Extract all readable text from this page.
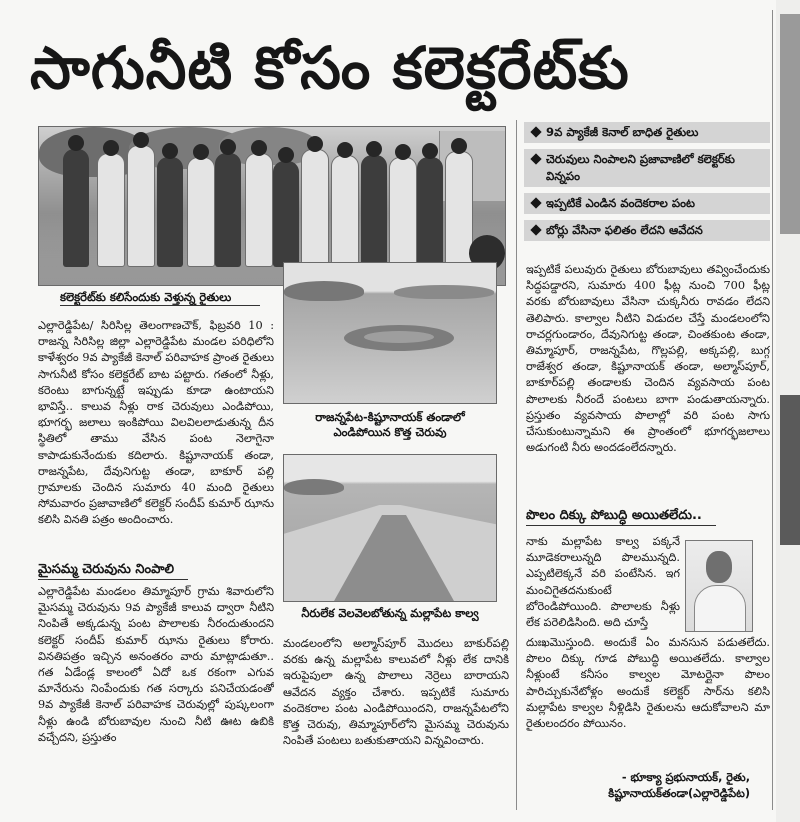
సాగునీటి కోసం కలెక్టరేట్‌కు
కలెక్టరేట్‌కు కలిసేందుకు వెళ్తున్న రైతులు
రాజన్నపేట-కిష్టూనాయక్ తండాలో
ఎండిపోయిన కొత్త చెరువు
నీరులేక వెలవెలబోతున్న మల్లాపేట కాల్వ
9వ ప్యాకేజీ కెనాల్ బాధిత రైతులు
చెరువులు నింపాలని ప్రజావాణిలో కలెక్టర్‌కు విన్నపం
ఇప్పటికే ఎండిన వందెకరాల పంట
బోర్లు వేసినా ఫలితం లేదని ఆవేదన
ఎల్లారెడ్డిపేట/ సిరిసిల్ల తెలంగాణచౌక్, ఫిబ్రవరి 10 : రాజన్న సిరిసిల్ల జిల్లా ఎల్లారెడ్డిపేట మండల పరిధిలోని కాళేశ్వరం 9వ ప్యాకేజీ కెనాల్ పరివాహక ప్రాంత రైతులు సాగునీటి కోసం కలెక్టరేట్ బాట పట్టారు. గతంలో నీళ్లు, కరెంటు బాగున్నట్టే ఇప్పుడు కూడా ఉంటాయని భావిస్తే.. కాలువ నీళ్లు రాక చెరువులు ఎండిపోయి, భూగర్భ జలాలు ఇంకిపోయి విలవిలలాడుతున్న దీన స్థితిలో తాము వేసిన పంట నెలాగైనా కాపాడుకునేందుకు కదిలారు. కిష్టూనాయక్ తండా, రాజన్నపేట, దేవునిగుట్ట తండా, బాకూర్ పల్లి గ్రామాలకు చెందిన సుమారు 40 మంది రైతులు సోమవారం ప్రజావాణిలో కలెక్టర్ సందీప్ కుమార్ ఝాను కలిసి వినతి పత్రం అందించారు.
మైసమ్మ చెరువును నింపాలి
ఎల్లారెడ్డిపేట మండలం తిమ్మాపూర్ గ్రామ శివారులోని మైసమ్మ చెరువును 9వ ప్యాకేజీ కాలువ ద్వారా నీటిని నింపితే అక్కడున్న పంట పొలాలకు నీరందుతుందని కలెక్టర్ సందీప్ కుమార్ ఝాను రైతులు కోరారు. వినతిపత్రం ఇచ్చిన అనంతరం వారు మాట్లాడుతూ.. గత ఏడేండ్ల కాలంలో ఏదో ఒక రకంగా ఎగువ మానేరును నింపేందుకు గత సర్కారు పనిచేయడంతో 9వ ప్యాకేజీ కెనాల్ పరివాహక చెరువుల్లో పుష్కలంగా నీళ్లు ఉండి బోరుబావుల నుంచి నీటి ఊట ఉబికి వచ్చేదని, ప్రస్తుతం
మండలంలోని అల్మాస్‌పూర్ మొదలు బాకుర్‌పల్లి వరకు ఉన్న మల్లాపేట కాలువలో నీళ్లు లేక దానికి ఇరుపైపులా ఉన్న పొలాలు నెర్రెలు బారాయని ఆవేదన వ్యక్తం చేశారు. ఇప్పటికే సుమారు వందెకరాల పంట ఎండిపోయిందని, రాజన్నపేటలోని కొత్త చెరువు, తిమ్మాపూర్‌లోని మైసమ్మ చెరువును నింపితే పంటలు బతుకుతాయని విన్నవించారు.
ఇప్పటికే పలువురు రైతులు బోరుబావులు తవ్వించేందుకు సిద్ధపడ్డారని, సుమారు 400 ఫీట్ల నుంచి 700 ఫీట్ల వరకు బోరుబావులు వేసినా చుక్కనీరు రావడం లేదని తెలిపారు. కాల్వాల నీటిని విడుదల చేస్తే మండలంలోని రాచర్లగుండారం, దేవునిగుట్ట తండా, చింతకుంట తండా, తిమ్మాపూర్, రాజన్నపేట, గొల్లపల్లి, అక్కపల్లి, బుగ్గ రాజేశ్వర తండా, కిష్టూనాయక్ తండా, అల్మాస్‌పూర్, బాకూర్‌పల్లి తండాలకు చెందిన వ్యవసాయ పంట పొలాలకు నీరందే పంటలు బాగా పండుతాయన్నారు. ప్రస్తుతం వ్యవసాయ పొలాల్లో వరి పంట సాగు చేసుకుంటున్నామని ఈ ప్రాంతంలో భూగర్భజలాలు అడుగంటి నీరు అందడంలేదన్నారు.
పొలం దిక్కు పోబుద్ధి అయితలేదు..
నాకు మల్లాపేట కాల్వ పక్కనే మూడెకరాలున్నది పొలమున్నది. ఎప్పటిలెక్కనే వరి పంటేసిన. ఇగ మంచిగైతదనుకుంటే బోరెండిపోయింది. పొలాలకు నీళ్లు లేక పరెలిడిసింది. అది చూస్తే
దుఃఖమొస్తుంది. అందుకే ఏం మనసున పడుతలేదు. పొలం దిక్కు గూడ పోబుద్ధి అయితలేదు. కాల్వాల నీళ్లుంటే కనీసం కాల్వల మోటర్లైనా పొలం పారిచ్చుకునేటోళ్లం అందుకే కలెక్టర్ సార్‌ను కలిసి మల్లాపేట కాల్వల నీళ్లిడిసి రైతులను ఆదుకోవాలని మా రైతులందరం పోయినం.
- భూక్యా ప్రభునాయక్, రైతు,
కిష్టూనాయక్‌తండా(ఎల్లారెడ్డిపేట)
